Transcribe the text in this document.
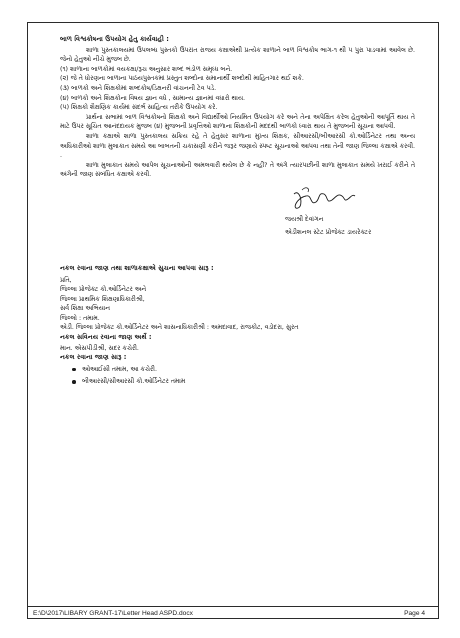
બાળ વિશ્વકોષના ઉપયોગ હેતુ કાર્યવાહી :

શાળા પુસ્તકાલયમાં ઉપલબ્ધ પુસ્તકો ઉપરાંત રાજય કક્ષાએથી પ્રત્યેક શાળાને બાળ વિશ્વકોષ ભાગ-૧ થી ૫ પુરા પાડવામાં આવેલ છે. જેનો હેતુઓ નીચે મુજબ છે.

(૧) શાળાના બાળકોમાં વયકક્ષા/રૂચ અનુસાર શબ્દ ભંડોળ સમૃધ્ધ બને.

(૨) જે તે ધોરણના બાળાના પાઠયપુસ્તકમાં પ્રસ્તુત શબ્દોના સમાનાર્થી શબ્દોથી માહિતગાર થઈ શકે.

(૩) બાળકો અને શિક્ષકોમાં શબ્દકોષ/ડિક્ષનરી વાંચનની ટેવ પડે.

(૪) બાળકો અને શિક્ષકોના વિષય જ્ઞાન વધે , સામાન્ય જ્ઞાનમાં વધારો થાય.

(૫) શિક્ષકો શૈક્ષણિક કાર્યમાં સંદર્ભ સાહિત્ય તરીકે ઉપયોગ કરે.

પ્રાર્થના સભામાં બાળ વિશ્વકોષનો શિક્ષકો અને વિદ્યાર્થીઓ નિયમિત ઉપયોગ કરે અને તેના અપેક્ષિત કરેલ હેતુઓની આપૂર્તિ થાય તે માટે ઉપર સૂચિત આનંદદાયક મુજબ (૪) મુજબની પ્રવૃત્તિઓ શાળાના શિક્ષકોની મદદથી બાળકો ધ્વારા થાય તે મુજબની સૂચના આપવી.

શાળા કક્ષાએ શાળા પુસ્તકાલય સક્રિય રહે તે હેતુસર શાળાના મુખ્ય શિક્ષક, સીઆરસી/બીઆરસી કો.ઓર્ડિનેટર તથા અન્ય અધિકારીઓ શાળા મુલાકાત સમયે આ બાબતની ચકાસણી કરીને જરૂર જણાયે સ્પષ્ટ સૂચનાઓ આપવા તથા તેની જાણ જિલ્લા કક્ષાએ કરવી. .

શાળા મુલાકાત સમયે આપેલ સૂચનાઓની અમલવારી થયેલ છે કે નહીં? તે અંગે ત્યારપછીની શાળા મુલાકાત સમયે ખરાઈ કરીને તે અંગેની જાણ સંબંધિત કક્ષાએ કરવી.

જયશ્રી દેવાંગન
એડીશનલ સ્ટેટ પ્રોજેક્ટ ડાયરેક્ટર

નકલ રવાના જાણ તથા શાળાકક્ષાએ સુચના આપવા સારૂ :

પ્રતિ,

જિલ્લા પ્રોજેક્ટ કો.ઓર્ડિનેટર અને

જિલ્લા પ્રાથમિક શિક્ષણાધિકારીશ્રી,

સર્વ શિક્ષા અભિયાન

જિલ્લો : તમામ.

એડી. જિલ્લા પ્રોજેક્ટ કો.ઓર્ડિનેટર અને શાસનાધિકારીશ્રી : અમદાવાદ, રાજકોટ, વડોદરા, સુરત

નકલ સવિનય રવાના જાણ અર્થે :

માન. એસપીડીશ્રી, સદર કચેરી.

નકલ રવાના જાણ સારૂ :

ઓઆઈસી તમામ, આ કચેરી.
બીઆરસી/સીઆરસી કો.ઓર્ડિનેટર તમામ
E:\D\2017\LIBARY GRANT-17\Letter Head ASPD.docx	Page 4
